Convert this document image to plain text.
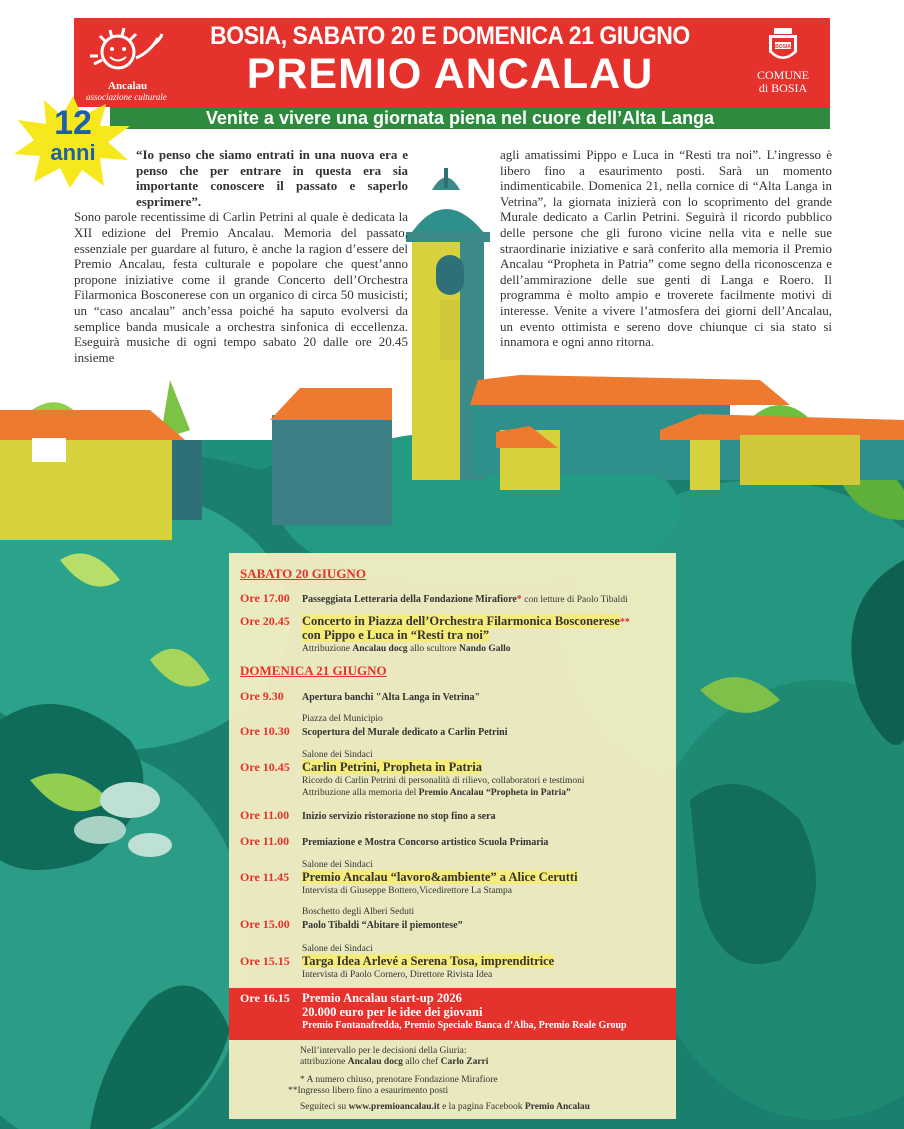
Ancalau
associazione culturale
BOSIA, SABATO 20 E DOMENICA 21 GIUGNO
PREMIO ANCALAU
Venite a vivere una giornata piena nel cuore dell’Alta Langa
BOSIA
COMUNE
di BOSIA
12
anni	“Io penso che siamo entrati in una nuova era e penso che per entrare in questa era sia importante conoscere il passato e saperlo esprimere”.
Sono parole recentissime di Carlin Petrini al quale è dedicata la XII edizione del Premio Ancalau. Memoria del passato, essenziale per guardare al futuro, è anche la ragion d’essere del Premio Ancalau, festa culturale e popolare che quest’anno propone iniziative come il grande Concerto dell’Orchestra Filarmonica Bosconerese con un organico di circa 50 musicisti; un “caso ancalau” anch’essa poiché ha saputo evolversi da semplice banda musicale a orchestra sinfonica di eccellenza. Eseguirà musiche di ogni tempo sabato 20 dalle ore 20.45 insieme
agli amatissimi Pippo e Luca in “Resti tra noi”. L’ingresso è libero fino a esaurimento posti. Sarà un momento indimenticabile. Domenica 21, nella cornice di “Alta Langa in Vetrina”, la giornata inizierà con lo scoprimento del grande Murale dedicato a Carlin Petrini. Seguirà il ricordo pubblico delle persone che gli furono vicine nella vita e nelle sue straordinarie iniziative e sarà conferito alla memoria il Premio Ancalau “Propheta in Patria” come segno della riconoscenza e dell’ammirazione delle sue genti di Langa e Roero. Il programma è molto ampio e troverete facilmente motivi di interesse. Venite a vivere l’atmosfera dei giorni dell’Ancalau, un evento ottimista e sereno dove chiunque ci sia stato si innamora e ogni anno ritorna.
SABATO 20 GIUGNO
Ore 17.00 Passeggiata Letteraria della Fondazione Mirafiore* con letture di Paolo Tibaldi
Ore 20.45 Concerto in Piazza dell’Orchestra Filarmonica Bosconerese**
con Pippo e Luca in “Resti tra noi”
Attribuzione Ancalau docg allo scultore Nando Gallo
DOMENICA 21 GIUGNO
Ore 9.30 Apertura banchi "Alta Langa in Vetrina"
Piazza del Municipio
Ore 10.30 Scopertura del Murale dedicato a Carlin Petrini
Salone dei Sindaci
Ore 10.45 Carlin Petrini, Propheta in Patria
Ricordo di Carlin Petrini di personalità di rilievo, collaboratori e testimoni
Attribuzione alla memoria del Premio Ancalau “Propheta in Patria”
Ore 11.00 Inizio servizio ristorazione no stop fino a sera
Ore 11.00 Premiazione e Mostra Concorso artistico Scuola Primaria
Salone dei Sindaci
Ore 11.45 Premio Ancalau “lavoro&ambiente” a Alice Cerutti
Intervista di Giuseppe Bottero,Vicedirettore La Stampa
Boschetto degli Alberi Seduti
Ore 15.00 Paolo Tibaldi “Abitare il piemontese”
Salone dei Sindaci
Ore 15.15 Targa Idea Arlevé a Serena Tosa, imprenditrice
Intervista di Paolo Cornero, Direttore Rivista Idea
Ore 16.15 Premio Ancalau start-up 2026
20.000 euro per le idee dei giovani
Premio Fontanafredda, Premio Speciale Banca d’Alba, Premio Reale Group
Nell’intervallo per le decisioni della Giuria:
attribuzione Ancalau docg allo chef Carlo Zarri
* A numero chiuso, prenotare Fondazione Mirafiore
**Ingresso libero fino a esaurimento posti
Seguiteci su www.premioancalau.it e la pagina Facebook Premio Ancalau
